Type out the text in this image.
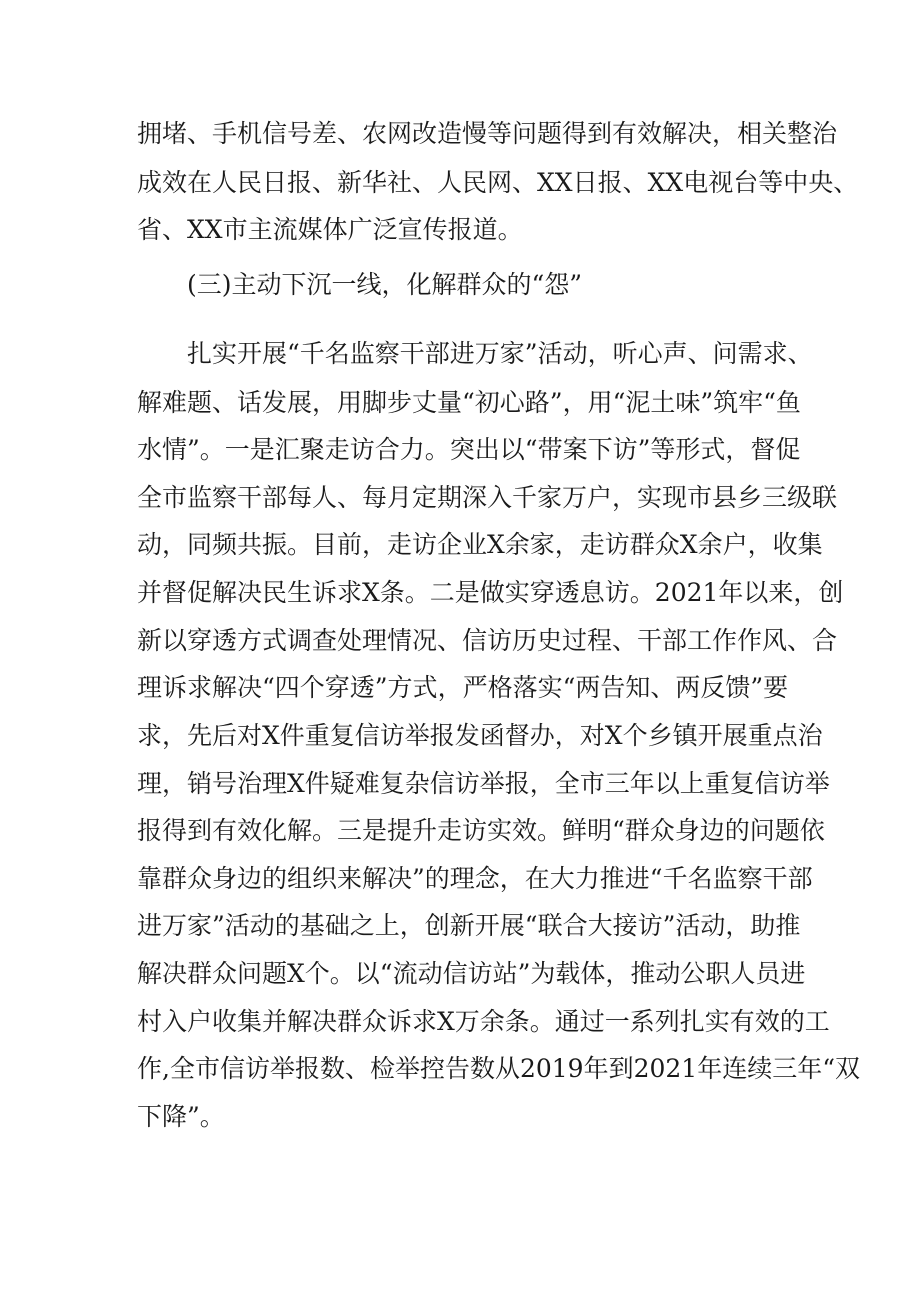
拥堵、手机信号差、农网改造慢等问题得到有效解决，相关整治
成效在人民日报、新华社、人民网、XX日报、XX电视台等中央、
省、XX市主流媒体广泛宣传报道。
(三)主动下沉一线，化解群众的“怨”
扎实开展“千名监察干部进万家”活动，听心声、问需求、
解难题、话发展，用脚步丈量“初心路”，用“泥土味”筑牢“鱼
水情”。一是汇聚走访合力。突出以“带案下访”等形式，督促
全市监察干部每人、每月定期深入千家万户，实现市县乡三级联
动，同频共振。目前，走访企业X余家，走访群众X余户，收集
并督促解决民生诉求X条。二是做实穿透息访。2021年以来，创
新以穿透方式调查处理情况、信访历史过程、干部工作作风、合
理诉求解决“四个穿透”方式，严格落实“两告知、两反馈”要
求，先后对X件重复信访举报发函督办，对X个乡镇开展重点治
理，销号治理X件疑难复杂信访举报，全市三年以上重复信访举
报得到有效化解。三是提升走访实效。鲜明“群众身边的问题依
靠群众身边的组织来解决”的理念，在大力推进“千名监察干部
进万家”活动的基础之上，创新开展“联合大接访”活动，助推
解决群众问题X个。以“流动信访站”为载体，推动公职人员进
村入户收集并解决群众诉求X万余条。通过一系列扎实有效的工
作,全市信访举报数、检举控告数从2019年到2021年连续三年“双
下降”。
